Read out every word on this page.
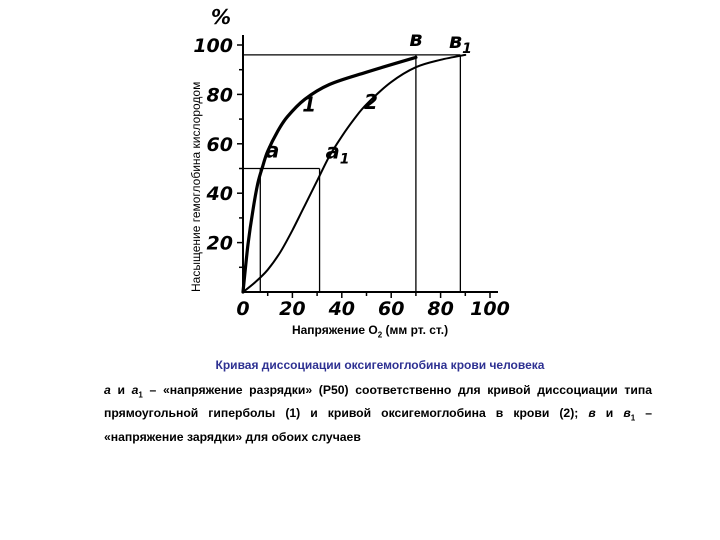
20
40
60
80
100
0 20 40 60 80 100
%
1 2
a $a_1$
в $в_1$
Насыщение гемоглобина кислородом
Напряжение $O_2$ (мм рт. ст.)
Кривая диссоциации оксигемоглобина крови человека
а и $а_1$ – «напряжение разрядки» (Р50) соответственно для кривой диссоциации типа прямоугольной гиперболы (1) и кривой оксигемоглобина в крови (2); в и $в_1$ – «напряжение зарядки» для обоих случаев
